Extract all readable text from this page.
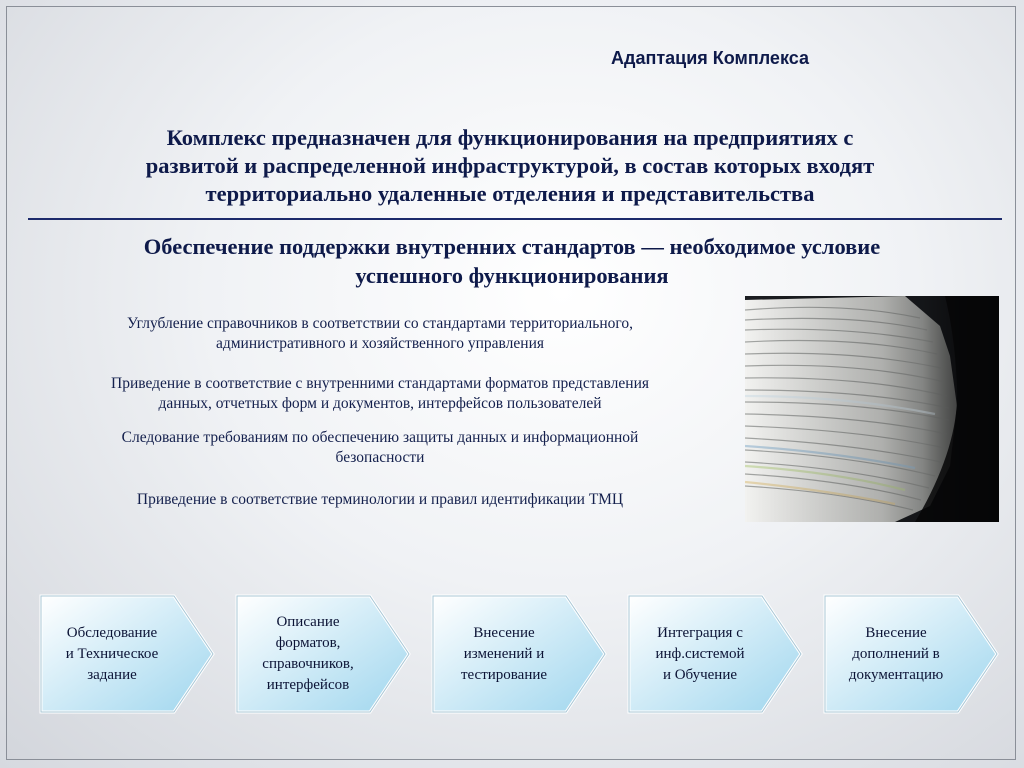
Адаптация Комплекса
Комплекс предназначен для функционирования на предприятиях с
развитой и распределенной инфраструктурой, в состав которых входят
территориально удаленные отделения и представительства
Обеспечение поддержки внутренних стандартов — необходимое условие
успешного функционирования
Углубление справочников в соответствии со стандартами территориального,
административного и хозяйственного управления
Приведение в соответствие с внутренними стандартами форматов представления
данных, отчетных форм и документов, интерфейсов пользователей
Следование требованиям по обеспечению защиты данных и информационной
безопасности
Приведение в соответствие терминологии и правил идентификации ТМЦ
Обследование
и Техническое
задание
Описание
форматов,
справочников,
интерфейсов
Внесение
изменений и
тестирование
Интеграция с
инф.системой
и Обучение
Внесение
дополнений в
документацию
